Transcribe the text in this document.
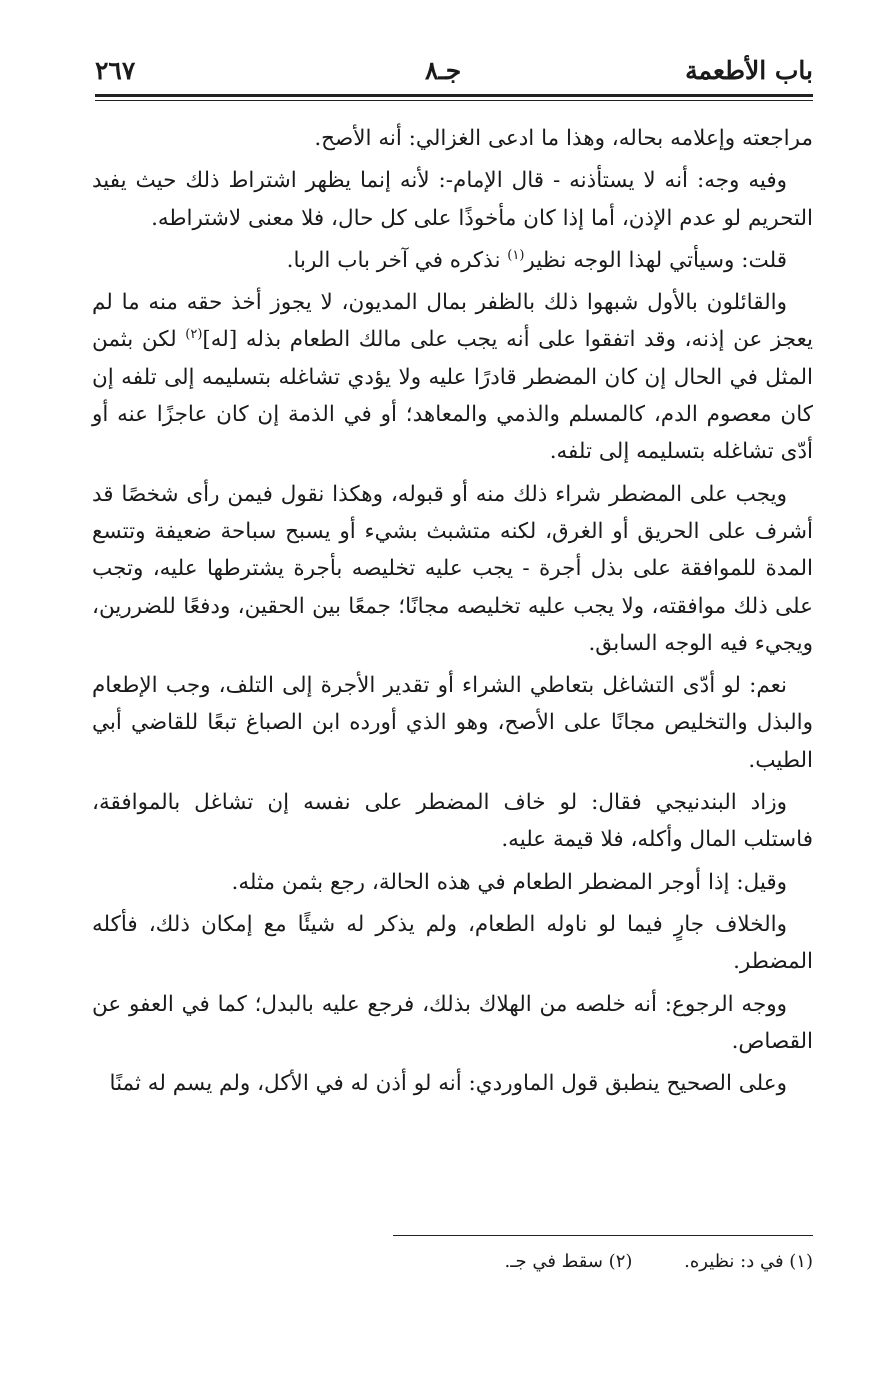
باب الأطعمة
جـ٨
٢٦٧

مراجعته وإعلامه بحاله، وهذا ما ادعى الغزالي: أنه الأصح.

وفيه وجه: أنه لا يستأذنه - قال الإمام-: لأنه إنما يظهر اشتراط ذلك حيث يفيد التحريم لو عدم الإذن، أما إذا كان مأخوذًا على كل حال، فلا معنى لاشتراطه.

قلت: وسيأتي لهذا الوجه نظير$^{(١)}$ نذكره في آخر باب الربا.

والقائلون بالأول شبهوا ذلك بالظفر بمال المديون، لا يجوز أخذ حقه منه ما لم يعجز عن إذنه، وقد اتفقوا على أنه يجب على مالك الطعام بذله [له]$^{(٢)}$ لكن بثمن المثل في الحال إن كان المضطر قادرًا عليه ولا يؤدي تشاغله بتسليمه إلى تلفه إن كان معصوم الدم، كالمسلم والذمي والمعاهد؛ أو في الذمة إن كان عاجزًا عنه أو أدّى تشاغله بتسليمه إلى تلفه.

ويجب على المضطر شراء ذلك منه أو قبوله، وهكذا نقول فيمن رأى شخصًا قد أشرف على الحريق أو الغرق، لكنه متشبث بشيء أو يسبح سباحة ضعيفة وتتسع المدة للموافقة على بذل أجرة - يجب عليه تخليصه بأجرة يشترطها عليه، وتجب على ذلك موافقته، ولا يجب عليه تخليصه مجانًا؛ جمعًا بين الحقين، ودفعًا للضررين، ويجيء فيه الوجه السابق.

نعم: لو أدّى التشاغل بتعاطي الشراء أو تقدير الأجرة إلى التلف، وجب الإطعام والبذل والتخليص مجانًا على الأصح، وهو الذي أورده ابن الصباغ تبعًا للقاضي أبي الطيب.

وزاد البندنيجي فقال: لو خاف المضطر على نفسه إن تشاغل بالموافقة، فاستلب المال وأكله، فلا قيمة عليه.

وقيل: إذا أوجر المضطر الطعام في هذه الحالة، رجع بثمن مثله.

والخلاف جارٍ فيما لو ناوله الطعام، ولم يذكر له شيئًا مع إمكان ذلك، فأكله المضطر.

ووجه الرجوع: أنه خلصه من الهلاك بذلك، فرجع عليه بالبدل؛ كما في العفو عن القصاص.

وعلى الصحيح ينطبق قول الماوردي: أنه لو أذن له في الأكل، ولم يسم له ثمنًا

(١) في د: نظيره. (٢) سقط في جـ.
